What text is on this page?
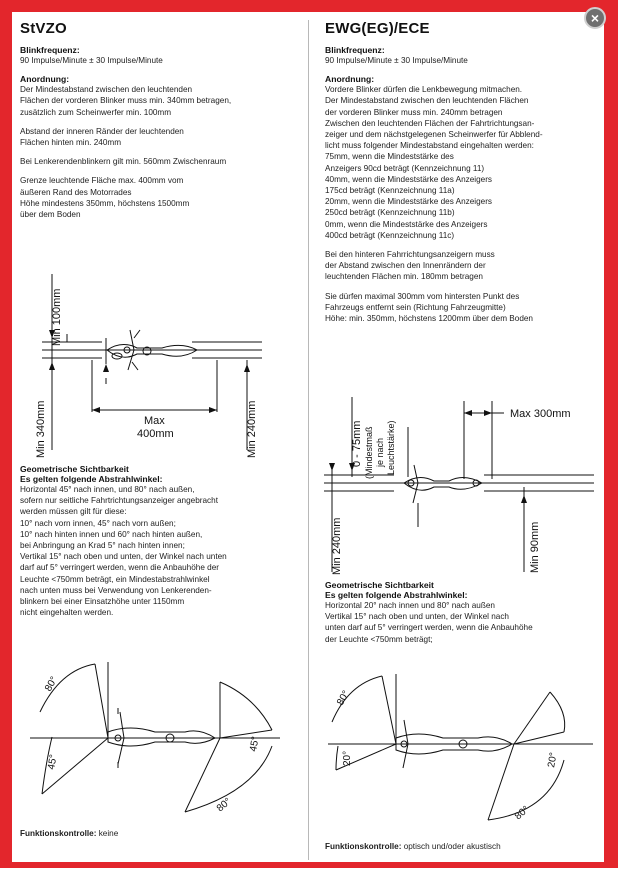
StVZO
Blinkfrequenz:

90 Impulse/Minute ± 30 Impulse/Minute

Anordnung:

Der Mindestabstand zwischen den leuchtenden
Flächen der vorderen Blinker muss min. 340mm betragen,
zusätzlich zum Scheinwerfer min. 100mm

Abstand der inneren Ränder der leuchtenden
Flächen hinten min. 240mm

Bei Lenkerendenblinkern gilt min. 560mm Zwischenraum

Grenze leuchtende Fläche max. 400mm vom
äußeren Rand des Motorrades
Höhe mindestens 350mm, höchstens 1500mm
über dem Boden

Min 100mm
Min 340mm	Max
400mm	Min 240mm
Geometrische Sichtbarkeit
Es gelten folgende Abstrahlwinkel:

Horizontal 45° nach innen, und 80° nach außen,
sofern nur seitliche Fahrtrichtungsanzeiger angebracht
werden müssen gilt für diese:
10° nach vorn innen, 45° nach vorn außen;
10° nach hinten innen und 60° nach hinten außen,
bei Anbringung an Krad 5° nach hinten innen;
Vertikal 15° nach oben und unten, der Winkel nach unten
darf auf 5° verringert werden, wenn die Anbauhöhe der
Leuchte <750mm beträgt, ein Mindestabstrahlwinkel
nach unten muss bei Verwendung von Lenkerenden-
blinkern bei einer Einsatzhöhe unter 1150mm
nicht eingehalten werden.

80°
45°
45°
80°
Funktionskontrolle: keine
EWG(EG)/ECE
Blinkfrequenz:

90 Impulse/Minute ± 30 Impulse/Minute

Anordnung:

Vordere Blinker dürfen die Lenkbewegung mitmachen.
Der Mindestabstand zwischen den leuchtenden Flächen
der vorderen Blinker muss min. 240mm betragen
Zwischen den leuchtenden Flächen der Fahrtrichtungsan-
zeiger und dem nächstgelegenen Scheinwerfer für Abblend-
licht muss folgender Mindestabstand eingehalten werden:
75mm, wenn die Mindeststärke des
Anzeigers 90cd beträgt (Kennzeichnung 11)
40mm, wenn die Mindeststärke des Anzeigers
175cd beträgt (Kennzeichnung 11a)
20mm, wenn die Mindeststärke des Anzeigers
250cd beträgt (Kennzeichnung 11b)
0mm, wenn die Mindeststärke des Anzeigers
400cd beträgt (Kennzeichnung 11c)

Bei den hinteren Fahrrichtungsanzeigern muss
der Abstand zwischen den Innenrändern der
leuchtenden Flächen min. 180mm betragen

Sie dürfen maximal 300mm vom hintersten Punkt des
Fahrzeugs entfernt sein (Richtung Fahrzeugmitte)
Höhe: min. 350mm, höchstens 1200mm über dem Boden

Max 300mm
0 - 75mm (Mindestmaß je nach Leuchtstärke)
Min 240mm	Min 90mm
Geometrische Sichtbarkeit
Es gelten folgende Abstrahlwinkel:

Horizontal 20° nach innen und 80° nach außen
Vertikal 15° nach oben und unten, der Winkel nach
unten darf auf 5° verringert werden, wenn die Anbauhöhe
der Leuchte <750mm beträgt;

80°
20°	20°
80°
Funktionskontrolle: optisch und/oder akustisch
×
